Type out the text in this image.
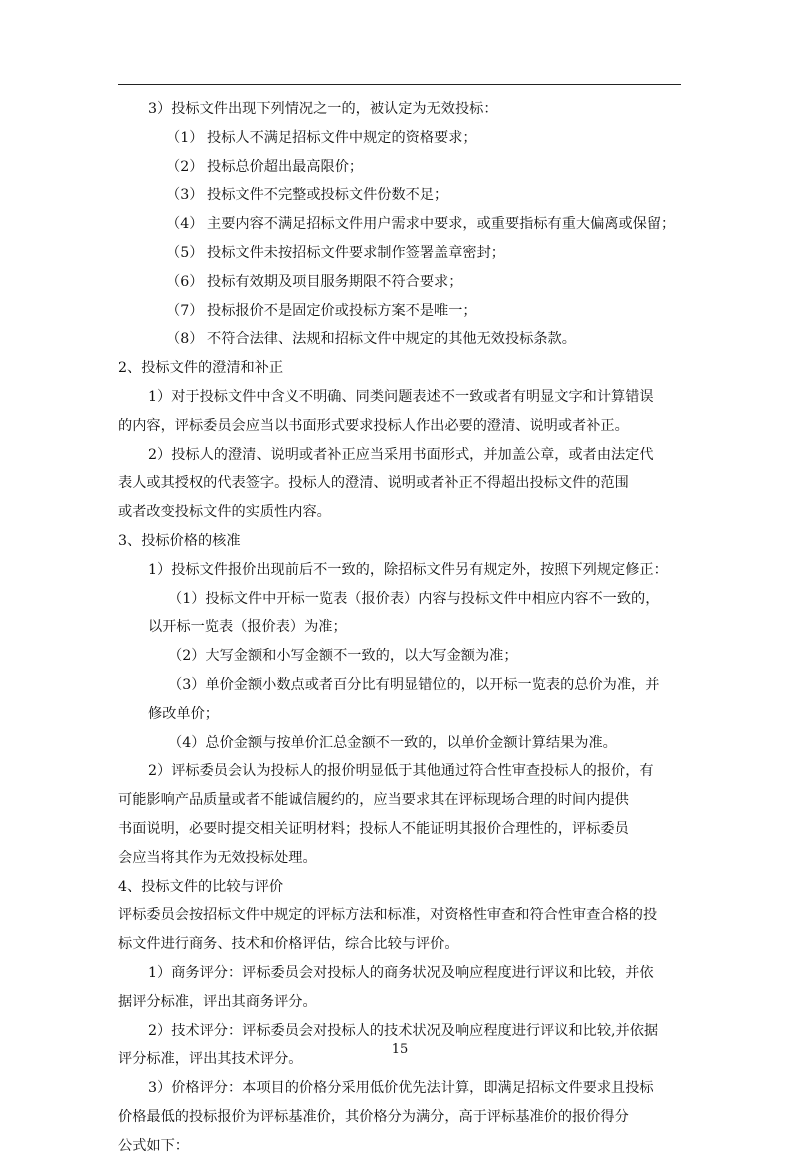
3）投标文件出现下列情况之一的，被认定为无效投标：

（1） 投标人不满足招标文件中规定的资格要求；
（2） 投标总价超出最高限价；
（3） 投标文件不完整或投标文件份数不足；
（4） 主要内容不满足招标文件用户需求中要求，或重要指标有重大偏离或保留；
（5） 投标文件未按招标文件要求制作签署盖章密封；
（6） 投标有效期及项目服务期限不符合要求；
（7） 投标报价不是固定价或投标方案不是唯一；
（8） 不符合法律、法规和招标文件中规定的其他无效投标条款。

2、投标文件的澄清和补正

1）对于投标文件中含义不明确、同类问题表述不一致或者有明显文字和计算错误

的内容，评标委员会应当以书面形式要求投标人作出必要的澄清、说明或者补正。

2）投标人的澄清、说明或者补正应当采用书面形式，并加盖公章，或者由法定代

表人或其授权的代表签字。投标人的澄清、说明或者补正不得超出投标文件的范围

或者改变投标文件的实质性内容。

3、投标价格的核准

1）投标文件报价出现前后不一致的，除招标文件另有规定外，按照下列规定修正：

（1）投标文件中开标一览表（报价表）内容与投标文件中相应内容不一致的，

以开标一览表（报价表）为准；

（2）大写金额和小写金额不一致的，以大写金额为准；

（3）单价金额小数点或者百分比有明显错位的，以开标一览表的总价为准，并

修改单价；

（4）总价金额与按单价汇总金额不一致的，以单价金额计算结果为准。

2）评标委员会认为投标人的报价明显低于其他通过符合性审查投标人的报价，有

可能影响产品质量或者不能诚信履约的，应当要求其在评标现场合理的时间内提供

书面说明，必要时提交相关证明材料；投标人不能证明其报价合理性的，评标委员

会应当将其作为无效投标处理。

4、投标文件的比较与评价

评标委员会按招标文件中规定的评标方法和标准，对资格性审查和符合性审查合格的投

标文件进行商务、技术和价格评估，综合比较与评价。

1）商务评分：评标委员会对投标人的商务状况及响应程度进行评议和比较，并依

据评分标准，评出其商务评分。

2）技术评分：评标委员会对投标人的技术状况及响应程度进行评议和比较,并依据

评分标准，评出其技术评分。

3）价格评分：本项目的价格分采用低价优先法计算，即满足招标文件要求且投标

价格最低的投标报价为评标基准价，其价格分为满分，高于评标基准价的报价得分

公式如下：

15
